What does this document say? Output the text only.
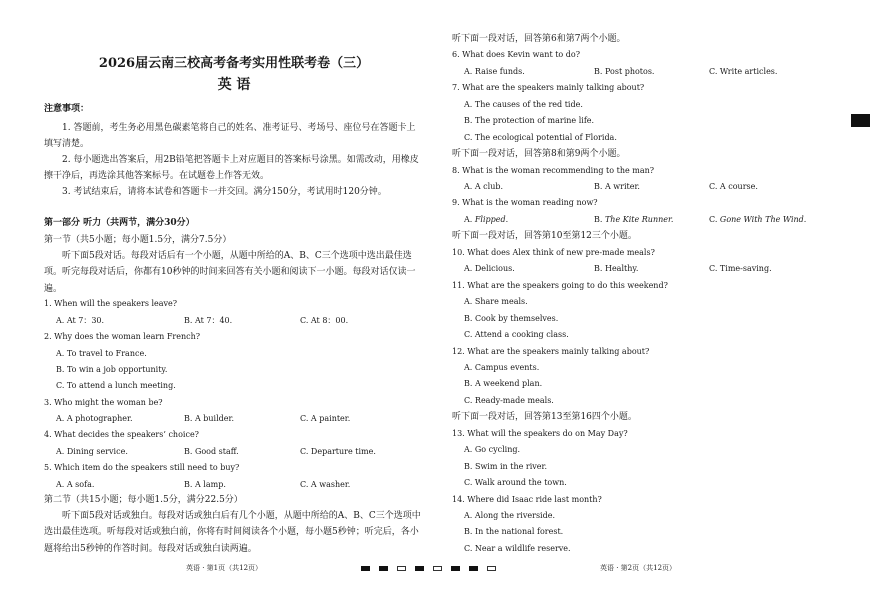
2026届云南三校高考备考实用性联考卷（三）
英 语
注意事项：
1. 答题前，考生务必用黑色碳素笔将自己的姓名、准考证号、考场号、座位号在答题卡上填写清楚。
2. 每小题选出答案后，用2B铅笔把答题卡上对应题目的答案标号涂黑。如需改动，用橡皮擦干净后，再选涂其他答案标号。在试题卷上作答无效。
3. 考试结束后，请将本试卷和答题卡一并交回。满分150分，考试用时120分钟。
第一部分 听力（共两节，满分30分）
第一节（共5小题；每小题1.5分，满分7.5分）
听下面5段对话。每段对话后有一个小题，从题中所给的A、B、C三个选项中选出最佳选项。听完每段对话后，你都有10秒钟的时间来回答有关小题和阅读下一小题。每段对话仅读一遍。
1. When will the speakers leave?
A. At 7：30.	B. At 7：40.	C. At 8：00.
2. Why does the woman learn French?
A. To travel to France.
B. To win a job opportunity.
C. To attend a lunch meeting.
3. Who might the woman be?
A. A photographer.	B. A builder.	C. A painter.
4. What decides the speakers’ choice?
A. Dining service.	B. Good staff.	C. Departure time.
5. Which item do the speakers still need to buy?
A. A sofa.	B. A lamp.	C. A washer.
第二节（共15小题；每小题1.5分，满分22.5分）
听下面5段对话或独白。每段对话或独白后有几个小题，从题中所给的A、B、C三个选项中选出最佳选项。听每段对话或独白前，你将有时间阅读各个小题，每小题5秒钟；听完后，各小题将给出5秒钟的作答时间。每段对话或独白读两遍。
英语 · 第1页（共12页）
听下面一段对话，回答第6和第7两个小题。
6. What does Kevin want to do?
A. Raise funds.	B. Post photos.	C. Write articles.
7. What are the speakers mainly talking about?
A. The causes of the red tide.
B. The protection of marine life.
C. The ecological potential of Florida.
听下面一段对话，回答第8和第9两个小题。
8. What is the woman recommending to the man?
A. A club.	B. A writer.	C. A course.
9. What is the woman reading now?
A. Flipped.	B. The Kite Runner.	C. Gone With The Wind.
听下面一段对话，回答第10至第12三个小题。
10. What does Alex think of new pre-made meals?
A. Delicious.	B. Healthy.	C. Time-saving.
11. What are the speakers going to do this weekend?
A. Share meals.
B. Cook by themselves.
C. Attend a cooking class.
12. What are the speakers mainly talking about?
A. Campus events.
B. A weekend plan.
C. Ready-made meals.
听下面一段对话，回答第13至第16四个小题。
13. What will the speakers do on May Day?
A. Go cycling.
B. Swim in the river.
C. Walk around the town.
14. Where did Isaac ride last month?
A. Along the riverside.
B. In the national forest.
C. Near a wildlife reserve.
英语 · 第2页（共12页）
